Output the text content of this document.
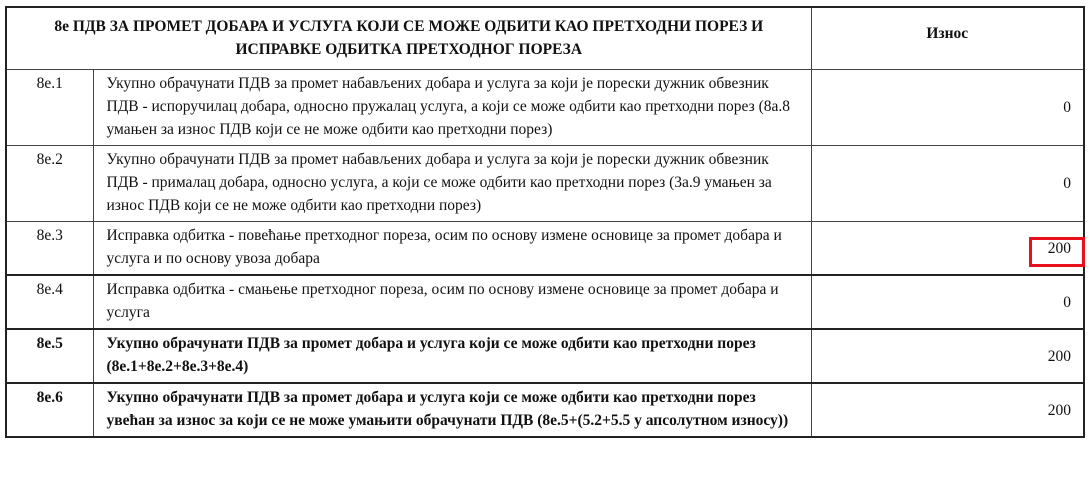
8е ПДВ ЗА ПРОМЕТ ДОБАРА И УСЛУГА КОЈИ СЕ МОЖЕ ОДБИТИ КАО ПРЕТХОДНИ ПОРЕЗ И ИСПРАВКЕ ОДБИТКА ПРЕТХОДНОГ ПОРЕЗА		Износ
8е.1	Укупно обрачунати ПДВ за промет набављених добара и услуга за који је порески дужник обвезник ПДВ - испоручилац добара, односно пружалац услуга, а који се може одбити као претходни порез (8а.8 умањен за износ ПДВ који се не може одбити као претходни порез)	0
8е.2	Укупно обрачунати ПДВ за промет набављених добара и услуга за који је порески дужник обвезник ПДВ - прималац добара, односно услуга, а који се може одбити као претходни порез (3а.9 умањен за износ ПДВ који се не може одбити као претходни порез)	0
8е.3	Исправка одбитка - повећање претходног пореза, осим по основу измене основице за промет добара и услуга и по основу увоза добара	200
8е.4	Исправка одбитка - смањење претходног пореза, осим по основу измене основице за промет добара и услуга	0
8е.5	Укупно обрачунати ПДВ за промет добара и услуга који се може одбити као претходни порез (8е.1+8е.2+8е.3+8е.4)	200
8е.6	Укупно обрачунати ПДВ за промет добара и услуга који се може одбити као претходни порез увећан за износ за који се не може умањити обрачунати ПДВ (8е.5+(5.2+5.5 у апсолутном износу))	200
